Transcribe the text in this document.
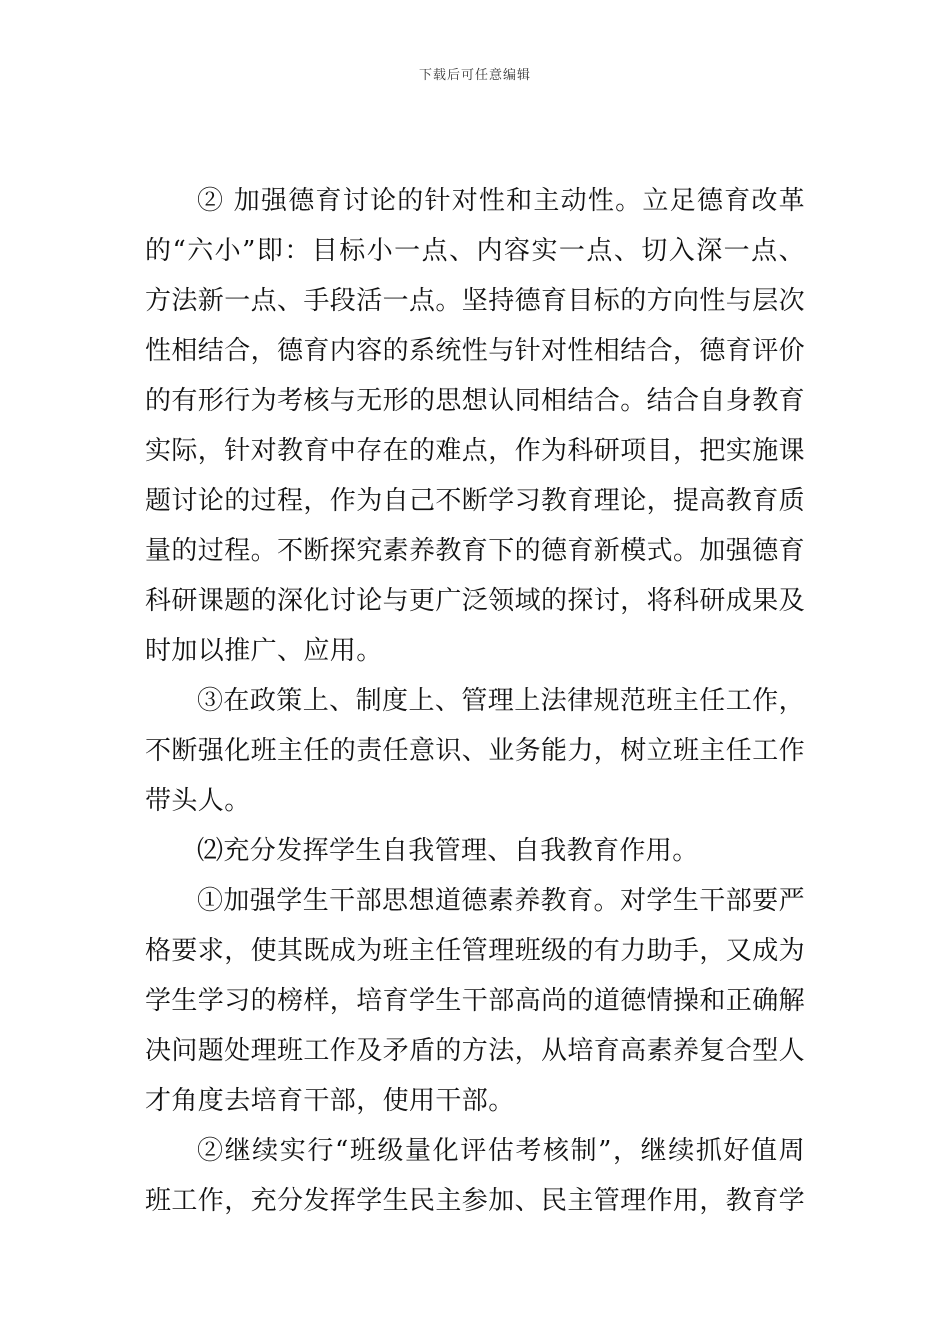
下载后可任意编辑

② 加强德育讨论的针对性和主动性。立足德育改革的“六小”即：目标小一点、内容实一点、切入深一点、方法新一点、手段活一点。坚持德育目标的方向性与层次性相结合，德育内容的系统性与针对性相结合，德育评价的有形行为考核与无形的思想认同相结合。结合自身教育实际，针对教育中存在的难点，作为科研项目，把实施课题讨论的过程，作为自己不断学习教育理论，提高教育质量的过程。不断探究素养教育下的德育新模式。加强德育科研课题的深化讨论与更广泛领域的探讨，将科研成果及时加以推广、应用。

③在政策上、制度上、管理上法律规范班主任工作，不断强化班主任的责任意识、业务能力，树立班主任工作带头人。

⑵充分发挥学生自我管理、自我教育作用。

①加强学生干部思想道德素养教育。对学生干部要严格要求，使其既成为班主任管理班级的有力助手，又成为学生学习的榜样，培育学生干部高尚的道德情操和正确解决问题处理班工作及矛盾的方法，从培育高素养复合型人才角度去培育干部，使用干部。

②继续实行“班级量化评估考核制”，继续抓好值周班工作，充分发挥学生民主参加、民主管理作用，教育学
